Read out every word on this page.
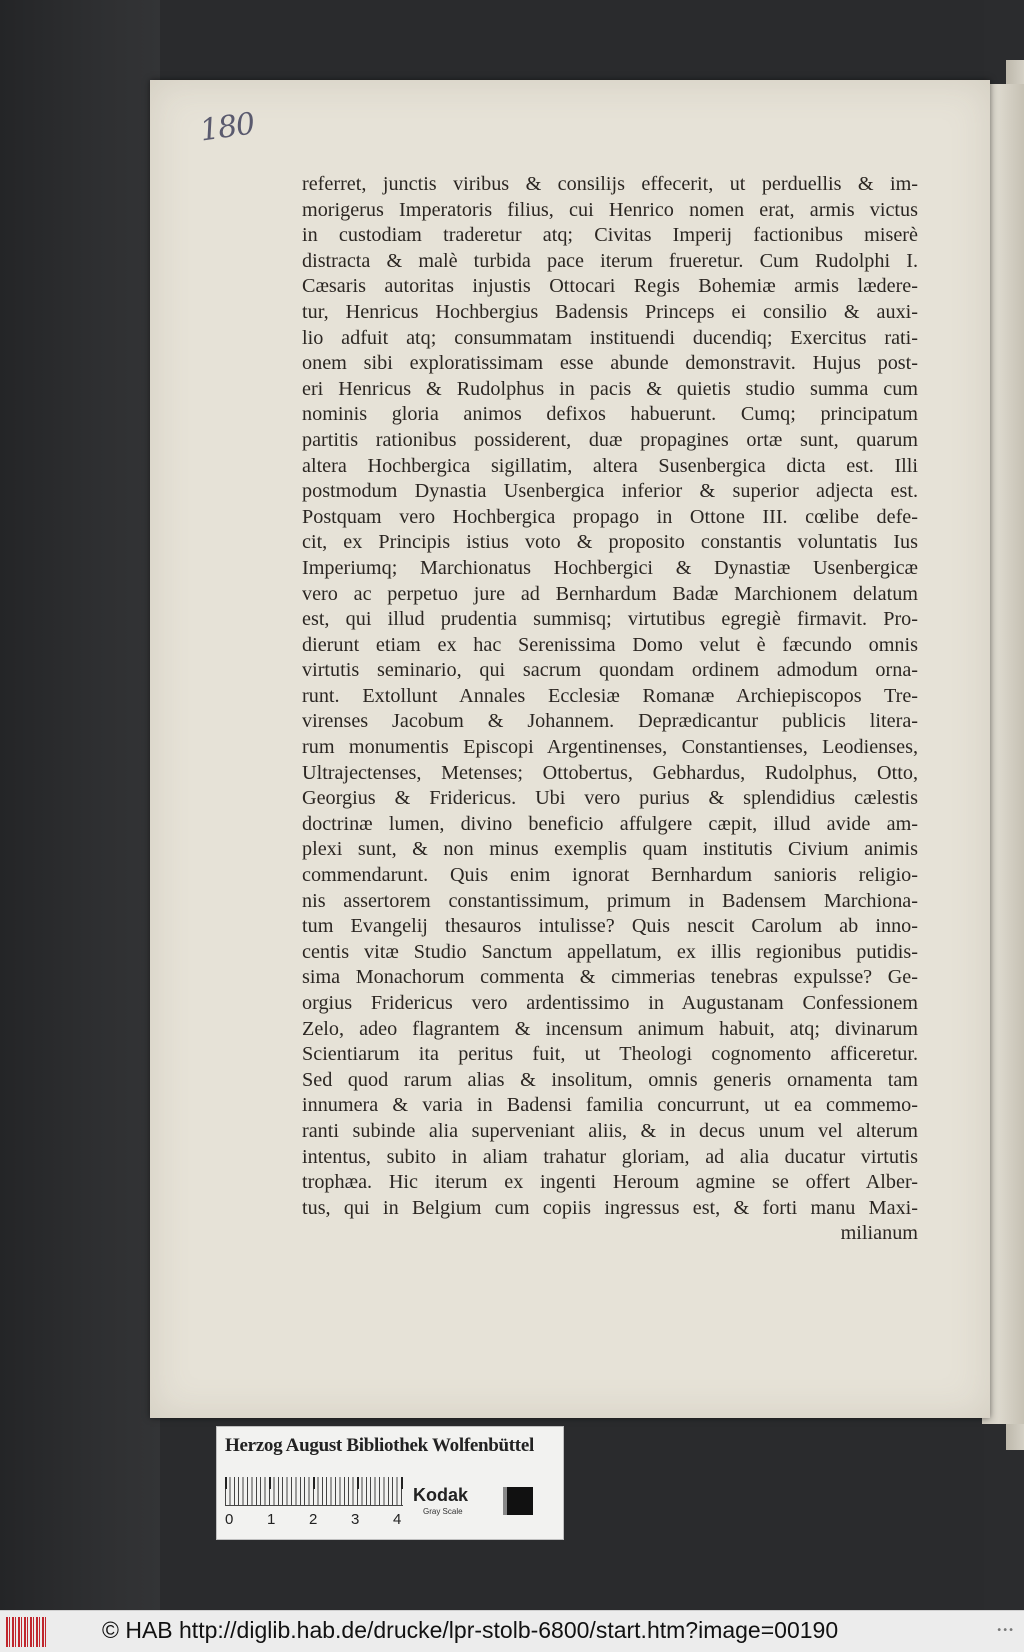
180
referret, junctis viribus & consilijs effecerit, ut perduellis & im-
morigerus Imperatoris filius, cui Henrico nomen erat, armis victus
in custodiam traderetur atq; Civitas Imperij factionibus miserè
distracta & malè turbida pace iterum frueretur. Cum Rudolphi I.
Cæsaris autoritas injustis Ottocari Regis Bohemiæ armis lædere-
tur, Henricus Hochbergius Badensis Princeps ei consilio & auxi-
lio adfuit atq; consummatam instituendi ducendiq; Exercitus rati-
onem sibi exploratissimam esse abunde demonstravit. Hujus post-
eri Henricus & Rudolphus in pacis & quietis studio summa cum
nominis gloria animos defixos habuerunt. Cumq; principatum
partitis rationibus possiderent, duæ propagines ortæ sunt, quarum
altera Hochbergica sigillatim, altera Susenbergica dicta est. Illi
postmodum Dynastia Usenbergica inferior & superior adjecta est.
Postquam vero Hochbergica propago in Ottone III. cœlibe defe-
cit, ex Principis istius voto & proposito constantis voluntatis Ius
Imperiumq; Marchionatus Hochbergici & Dynastiæ Usenbergicæ
vero ac perpetuo jure ad Bernhardum Badæ Marchionem delatum
est, qui illud prudentia summisq; virtutibus egregiè firmavit. Pro-
dierunt etiam ex hac Serenissima Domo velut è fæcundo omnis
virtutis seminario, qui sacrum quondam ordinem admodum orna-
runt. Extollunt Annales Ecclesiæ Romanæ Archiepiscopos Tre-
virenses Jacobum & Johannem. Deprædicantur publicis litera-
rum monumentis Episcopi Argentinenses, Constantienses, Leodienses,
Ultrajectenses, Metenses; Ottobertus, Gebhardus, Rudolphus, Otto,
Georgius & Fridericus. Ubi vero purius & splendidius cælestis
doctrinæ lumen, divino beneficio affulgere cæpit, illud avide am-
plexi sunt, & non minus exemplis quam institutis Civium animis
commendarunt. Quis enim ignorat Bernhardum sanioris religio-
nis assertorem constantissimum, primum in Badensem Marchiona-
tum Evangelij thesauros intulisse? Quis nescit Carolum ab inno-
centis vitæ Studio Sanctum appellatum, ex illis regionibus putidis-
sima Monachorum commenta & cimmerias tenebras expulsse? Ge-
orgius Fridericus vero ardentissimo in Augustanam Confessionem
Zelo, adeo flagrantem & incensum animum habuit, atq; divinarum
Scientiarum ita peritus fuit, ut Theologi cognomento afficeretur.
Sed quod rarum alias & insolitum, omnis generis ornamenta tam
innumera & varia in Badensi familia concurrunt, ut ea commemo-
ranti subinde alia superveniant aliis, & in decus unum vel alterum
intentus, subito in aliam trahatur gloriam, ad alia ducatur virtutis
trophæa. Hic iterum ex ingenti Heroum agmine se offert Alber-
tus, qui in Belgium cum copiis ingressus est, & forti manu Maxi-
milianum
Herzog August Bibliothek Wolfenbüttel
0 1 2 3 4
Kodak
Gray Scale
© HAB http://diglib.hab.de/drucke/lpr-stolb-6800/start.htm?image=00190	•••
